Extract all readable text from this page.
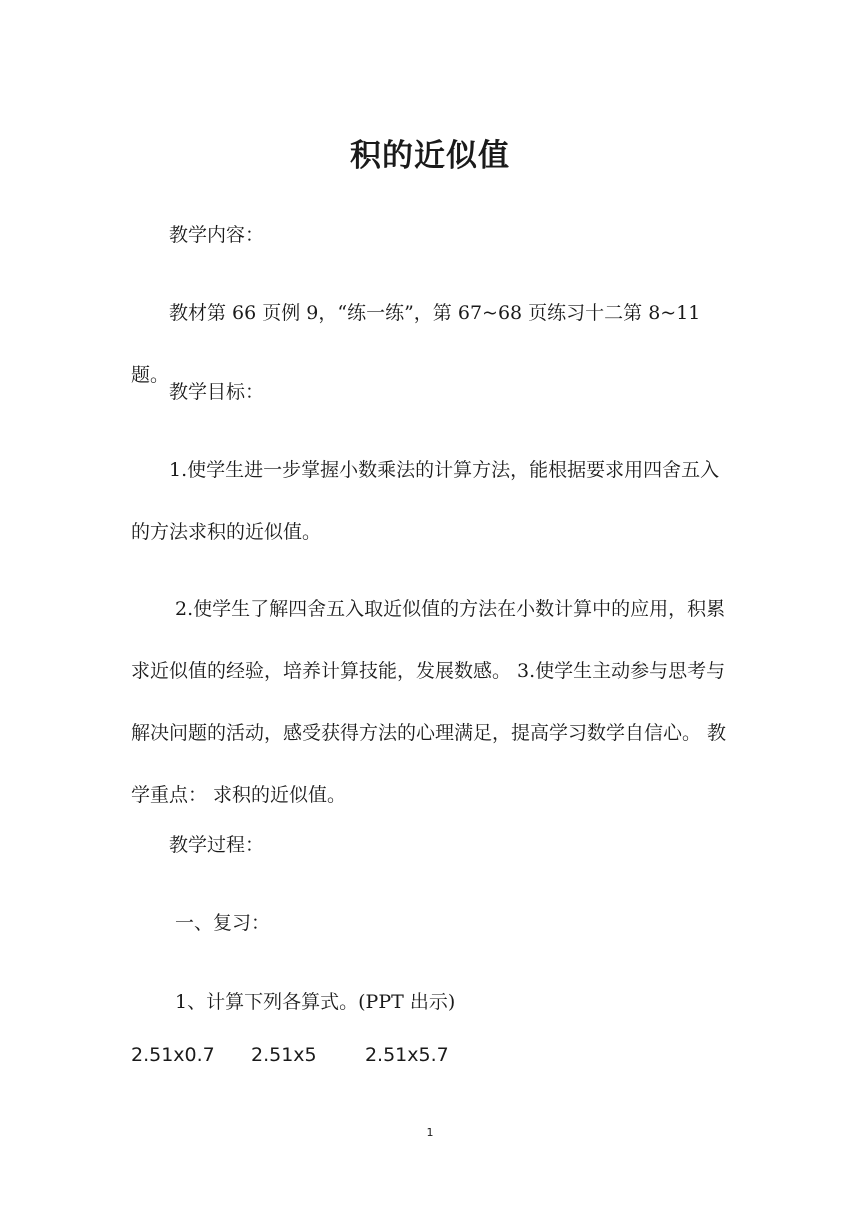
积的近似值

　　教学内容：

　　教材第 66 页例 9，“练一练”，第 67~68 页练习十二第 8~11 题。

　　教学目标：

　　1.使学生进一步掌握小数乘法的计算方法，能根据要求用四舍五入的方法求积的近似值。

　　 2.使学生了解四舍五入取近似值的方法在小数计算中的应用，积累求近似值的经验，培养计算技能，发展数感。 3.使学生主动参与思考与解决问题的活动，感受获得方法的心理满足，提高学习数学自信心。 教学重点： 求积的近似值。

　　教学过程：

　　 一、复习：

　　 1、计算下列各算式。(PPT 出示)

2.51x0.7      2.51x5        2.51x5.7
1
